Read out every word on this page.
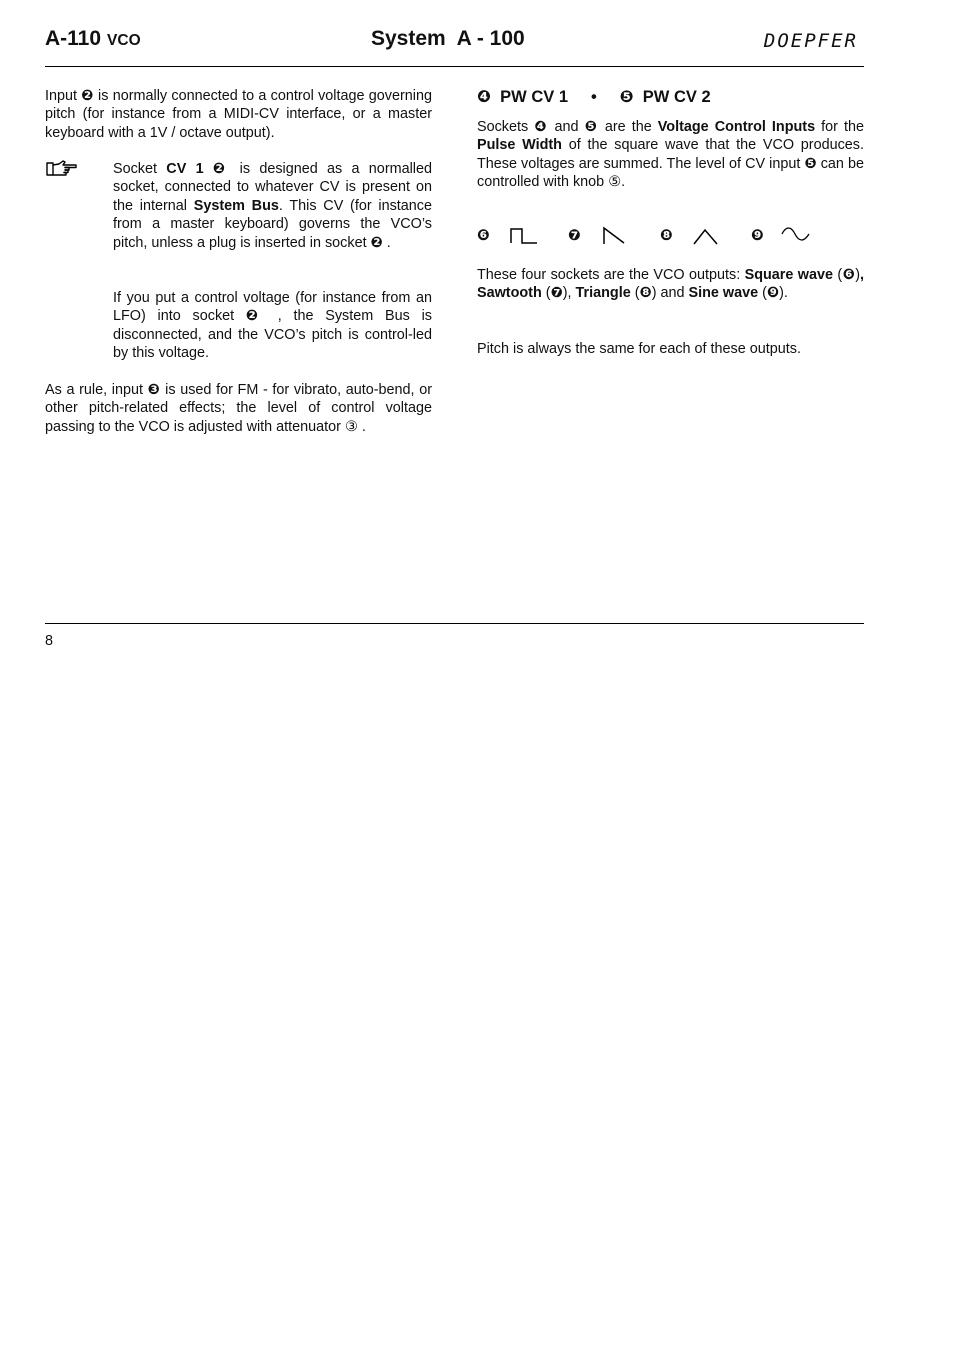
A-110 VCO	System  A - 100	DOEPFER
Input ❷ is normally connected to a control voltage governing pitch (for instance from a MIDI-CV interface, or a master keyboard with a 1V / octave output).
Socket CV 1 ❷ is designed as a normalled socket, connected to whatever CV is present on the internal System Bus. This CV (for instance from a master keyboard) governs the VCO’s pitch, unless a plug is inserted in socket ❷ .
If you put a control voltage (for instance from an LFO) into socket ❷ , the System Bus is disconnected, and the VCO’s pitch is control-led by this voltage.
As a rule, input ❸ is used for FM - for vibrato, auto-bend, or other pitch-related effects; the level of control voltage passing to the VCO is adjusted with attenuator ③ .
❹ PW CV 1 • ❺ PW CV 2
Sockets ❹ and ❺ are the Voltage Control Inputs for the Pulse Width of the square wave that the VCO produces. These voltages are summed. The level of CV input ❺ can be controlled with knob ⑤.
❻	❼	❽	❾
These four sockets are the VCO outputs: Square wave (❻), Sawtooth (❼), Triangle (❽) and Sine wave (❾).
Pitch is always the same for each of these outputs.
8
